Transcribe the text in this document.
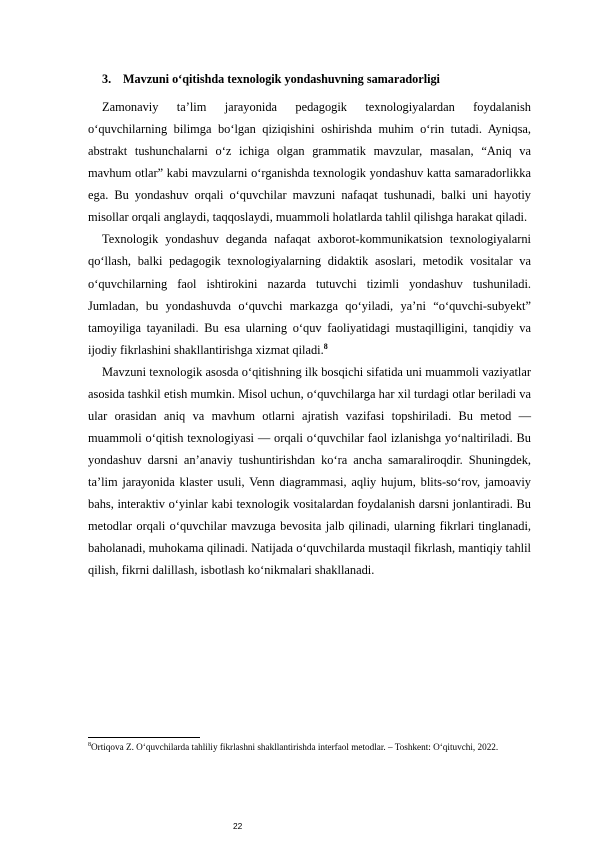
3. Mavzuni o‘qitishda texnologik yondashuvning samaradorligi

Zamonaviy ta’lim jarayonida pedagogik texnologiyalardan foydalanish o‘quvchilarning bilimga bo‘lgan qiziqishini oshirishda muhim o‘rin tutadi. Ayniqsa, abstrakt tushunchalarni o‘z ichiga olgan grammatik mavzular, masalan, “Aniq va mavhum otlar” kabi mavzularni o‘rganishda texnologik yondashuv katta samaradorlikka ega. Bu yondashuv orqali o‘quvchilar mavzuni nafaqat tushunadi, balki uni hayotiy misollar orqali anglaydi, taqqoslaydi, muammoli holatlarda tahlil qilishga harakat qiladi.

Texnologik yondashuv deganda nafaqat axborot-kommunikatsion texnologiyalarni qo‘llash, balki pedagogik texnologiyalarning didaktik asoslari, metodik vositalar va o‘quvchilarning faol ishtirokini nazarda tutuvchi tizimli yondashuv tushuniladi. Jumladan, bu yondashuvda o‘quvchi markazga qo‘yiladi, ya’ni “o‘quvchi-subyekt” tamoyiliga tayaniladi. Bu esa ularning o‘quv faoliyatidagi mustaqilligini, tanqidiy va ijodiy fikrlashini shakllantirishga xizmat qiladi.$^8$

Mavzuni texnologik asosda o‘qitishning ilk bosqichi sifatida uni muammoli vaziyatlar asosida tashkil etish mumkin. Misol uchun, o‘quvchilarga har xil turdagi otlar beriladi va ular orasidan aniq va mavhum otlarni ajratish vazifasi topshiriladi. Bu metod — muammoli o‘qitish texnologiyasi — orqali o‘quvchilar faol izlanishga yo‘naltiriladi. Bu yondashuv darsni an’anaviy tushuntirishdan ko‘ra ancha samaraliroqdir. Shuningdek, ta’lim jarayonida klaster usuli, Venn diagrammasi, aqliy hujum, blits-so‘rov, jamoaviy bahs, interaktiv o‘yinlar kabi texnologik vositalardan foydalanish darsni jonlantiradi. Bu metodlar orqali o‘quvchilar mavzuga bevosita jalb qilinadi, ularning fikrlari tinglanadi, baholanadi, muhokama qilinadi. Natijada o‘quvchilarda mustaqil fikrlash, mantiqiy tahlil qilish, fikrni dalillash, isbotlash ko‘nikmalari shakllanadi.

$^8$Ortiqova Z. O‘quvchilarda tahliliy fikrlashni shakllantirishda interfaol metodlar. – Toshkent: O‘qituvchi, 2022.
22
